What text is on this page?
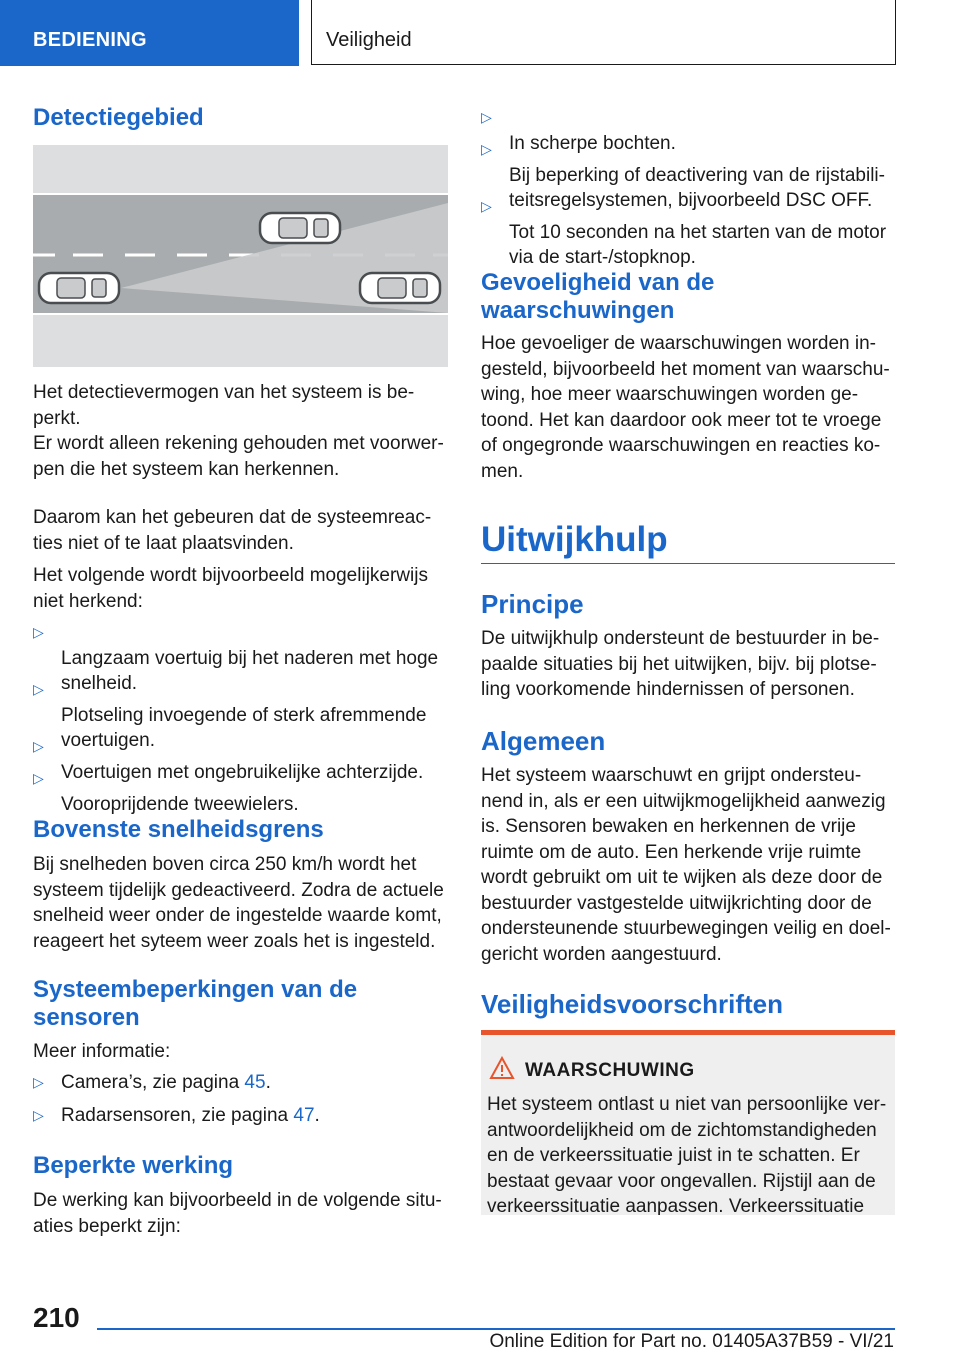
BEDIENING	Veiligheid
Detectiegebied

Het detectievermogen van het systeem is be-
perkt.

Er wordt alleen rekening gehouden met voorwer-
pen die het systeem kan herkennen.

Daarom kan het gebeuren dat de systeemreac-
ties niet of te laat plaatsvinden.

Het volgende wordt bijvoorbeeld mogelijkerwijs
niet herkend:

▷
Langzaam voertuig bij het naderen met hoge
snelheid.

▷
Plotseling invoegende of sterk afremmende
voertuigen.

▷
Voertuigen met ongebruikelijke achterzijde.

▷
Vooroprijdende tweewielers.

Bovenste snelheidsgrens

Bij snelheden boven circa 250 km/h wordt het
systeem tijdelijk gedeactiveerd. Zodra de actuele
snelheid weer onder de ingestelde waarde komt,
reageert het syteem weer zoals het is ingesteld.

Systeembeperkingen van de
sensoren

Meer informatie:

▷ Camera’s, zie pagina 45.
▷ Radarsensoren, zie pagina 47.
Beperkte werking

De werking kan bijvoorbeeld in de volgende situ-
aties beperkt zijn:

▷
In scherpe bochten.

▷
Bij beperking of deactivering van de rijstabili-
teitsregelsystemen, bijvoorbeeld DSC OFF.

▷
Tot 10 seconden na het starten van de motor
via de start-/stopknop.

Gevoeligheid van de
waarschuwingen

Hoe gevoeliger de waarschuwingen worden in-
gesteld, bijvoorbeeld het moment van waarschu-
wing, hoe meer waarschuwingen worden ge-
toond. Het kan daardoor ook meer tot te vroege
of ongegronde waarschuwingen en reacties ko-
men.

Uitwijkhulp
Principe

De uitwijkhulp ondersteunt de bestuurder in be-
paalde situaties bij het uitwijken, bijv. bij plotse-
ling voorkomende hindernissen of personen.

Algemeen

Het systeem waarschuwt en grijpt ondersteu-
nend in, als er een uitwijkmogelijkheid aanwezig
is. Sensoren bewaken en herkennen de vrije
ruimte om de auto. Een herkende vrije ruimte
wordt gebruikt om uit te wijken als deze door de
bestuurder vastgestelde uitwijkrichting door de
ondersteunende stuurbewegingen veilig en doel-
gericht worden aangestuurd.

Veiligheidsvoorschriften
WAARSCHUWING

Het systeem ontlast u niet van persoonlijke ver-
antwoordelijkheid om de zichtomstandigheden
en de verkeerssituatie juist in te schatten. Er
bestaat gevaar voor ongevallen. Rijstijl aan de
verkeerssituatie aanpassen. Verkeerssituatie

210
Online Edition for Part no. 01405A37B59 - VI/21
